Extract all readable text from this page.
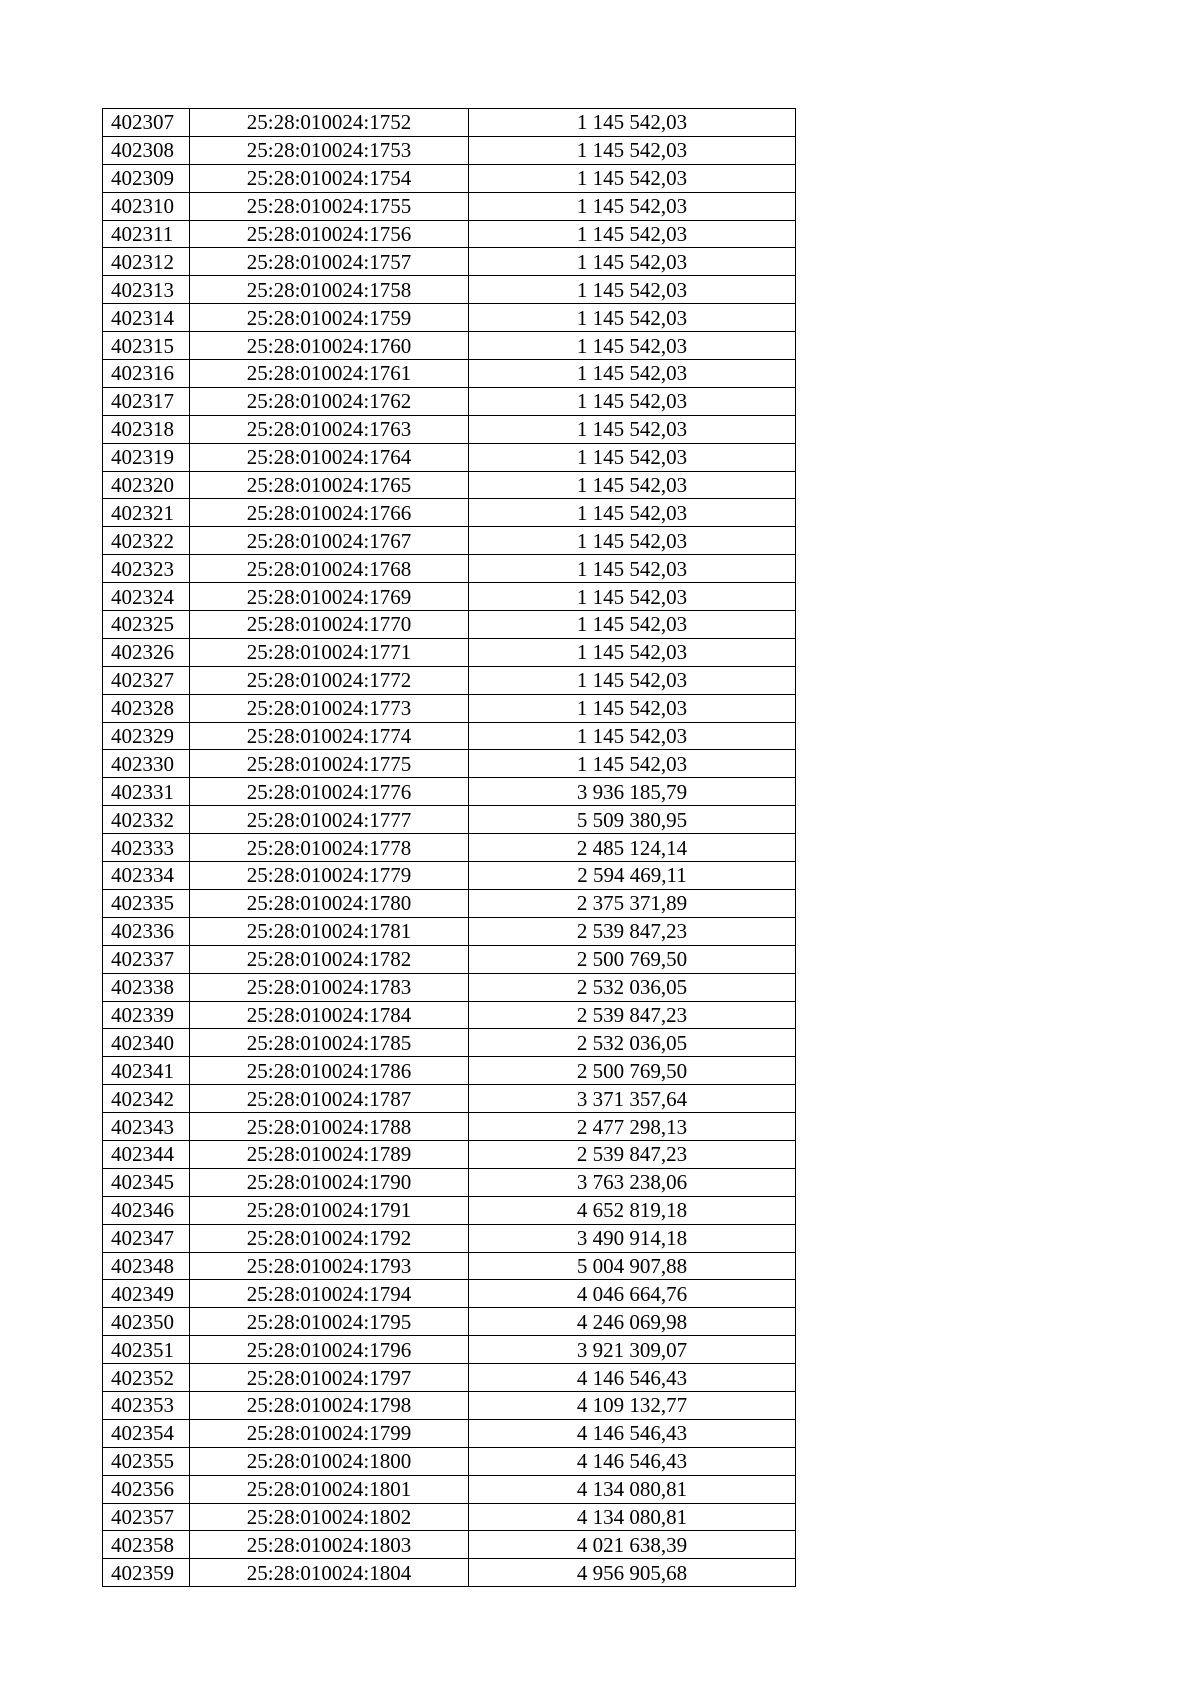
402307	25:28:010024:1752	1 145 542,03
402308	25:28:010024:1753	1 145 542,03
402309	25:28:010024:1754	1 145 542,03
402310	25:28:010024:1755	1 145 542,03
402311	25:28:010024:1756	1 145 542,03
402312	25:28:010024:1757	1 145 542,03
402313	25:28:010024:1758	1 145 542,03
402314	25:28:010024:1759	1 145 542,03
402315	25:28:010024:1760	1 145 542,03
402316	25:28:010024:1761	1 145 542,03
402317	25:28:010024:1762	1 145 542,03
402318	25:28:010024:1763	1 145 542,03
402319	25:28:010024:1764	1 145 542,03
402320	25:28:010024:1765	1 145 542,03
402321	25:28:010024:1766	1 145 542,03
402322	25:28:010024:1767	1 145 542,03
402323	25:28:010024:1768	1 145 542,03
402324	25:28:010024:1769	1 145 542,03
402325	25:28:010024:1770	1 145 542,03
402326	25:28:010024:1771	1 145 542,03
402327	25:28:010024:1772	1 145 542,03
402328	25:28:010024:1773	1 145 542,03
402329	25:28:010024:1774	1 145 542,03
402330	25:28:010024:1775	1 145 542,03
402331	25:28:010024:1776	3 936 185,79
402332	25:28:010024:1777	5 509 380,95
402333	25:28:010024:1778	2 485 124,14
402334	25:28:010024:1779	2 594 469,11
402335	25:28:010024:1780	2 375 371,89
402336	25:28:010024:1781	2 539 847,23
402337	25:28:010024:1782	2 500 769,50
402338	25:28:010024:1783	2 532 036,05
402339	25:28:010024:1784	2 539 847,23
402340	25:28:010024:1785	2 532 036,05
402341	25:28:010024:1786	2 500 769,50
402342	25:28:010024:1787	3 371 357,64
402343	25:28:010024:1788	2 477 298,13
402344	25:28:010024:1789	2 539 847,23
402345	25:28:010024:1790	3 763 238,06
402346	25:28:010024:1791	4 652 819,18
402347	25:28:010024:1792	3 490 914,18
402348	25:28:010024:1793	5 004 907,88
402349	25:28:010024:1794	4 046 664,76
402350	25:28:010024:1795	4 246 069,98
402351	25:28:010024:1796	3 921 309,07
402352	25:28:010024:1797	4 146 546,43
402353	25:28:010024:1798	4 109 132,77
402354	25:28:010024:1799	4 146 546,43
402355	25:28:010024:1800	4 146 546,43
402356	25:28:010024:1801	4 134 080,81
402357	25:28:010024:1802	4 134 080,81
402358	25:28:010024:1803	4 021 638,39
402359	25:28:010024:1804	4 956 905,68
